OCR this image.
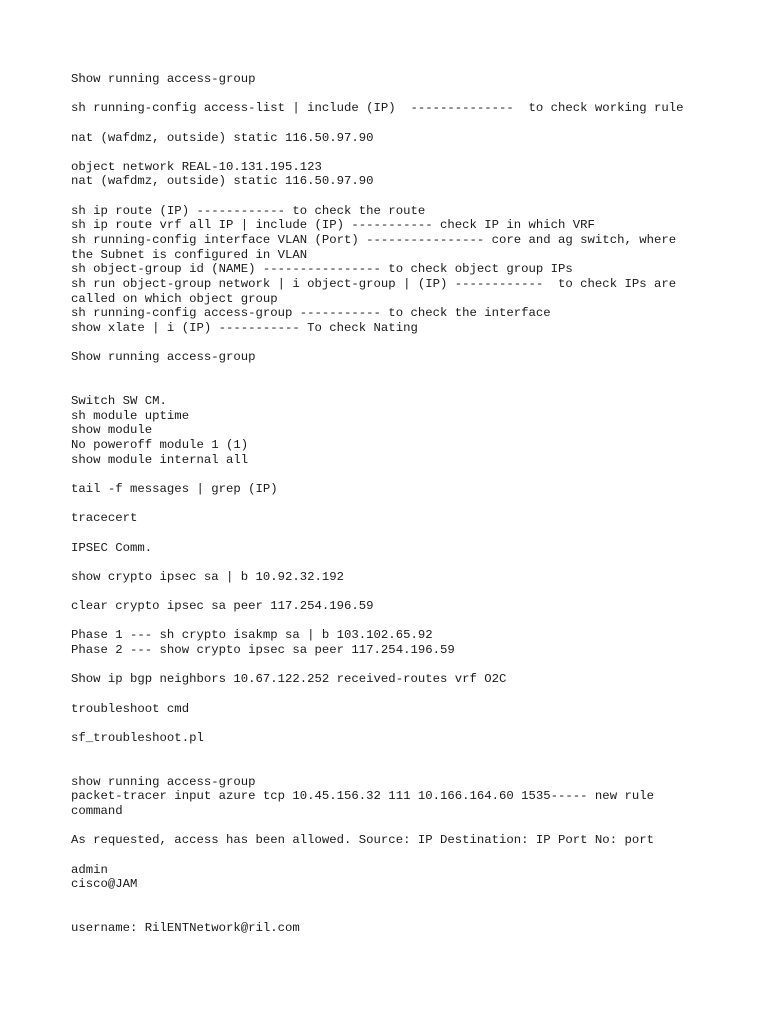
Show running access-group
sh running-config access-list | include (IP)  --------------  to check working rule
nat (wafdmz, outside) static 116.50.97.90
object network REAL-10.131.195.123
nat (wafdmz, outside) static 116.50.97.90
sh ip route (IP) ------------ to check the route
sh ip route vrf all IP | include (IP) ----------- check IP in which VRF
sh running-config interface VLAN (Port) ---------------- core and ag switch, where
the Subnet is configured in VLAN
sh object-group id (NAME) ---------------- to check object group IPs
sh run object-group network | i object-group | (IP) ------------  to check IPs are
called on which object group
sh running-config access-group ----------- to check the interface
show xlate | i (IP) ----------- To check Nating
Show running access-group
Switch SW CM.
sh module uptime
show module
No poweroff module 1 (1)
show module internal all
tail -f messages | grep (IP)
tracecert
IPSEC Comm.
show crypto ipsec sa | b 10.92.32.192
clear crypto ipsec sa peer 117.254.196.59
Phase 1 --- sh crypto isakmp sa | b 103.102.65.92
Phase 2 --- show crypto ipsec sa peer 117.254.196.59
Show ip bgp neighbors 10.67.122.252 received-routes vrf O2C
troubleshoot cmd
sf_troubleshoot.pl
show running access-group
packet-tracer input azure tcp 10.45.156.32 111 10.166.164.60 1535----- new rule
command
As requested, access has been allowed. Source: IP Destination: IP Port No: port
admin
cisco@JAM
username: RilENTNetwork@ril.com
